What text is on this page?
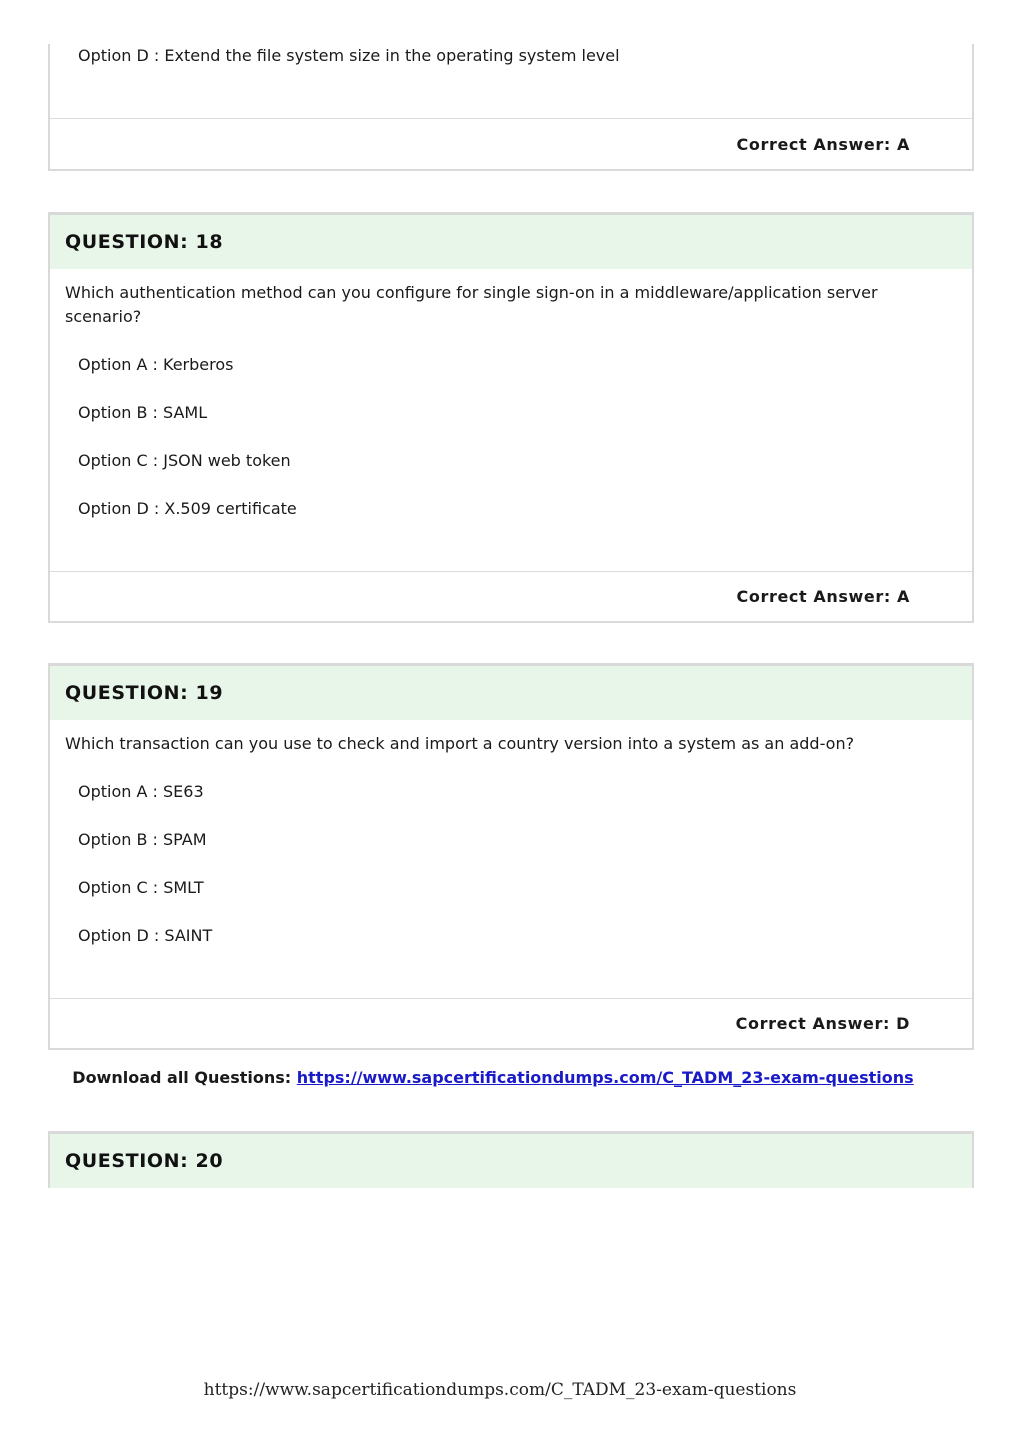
Option D : Extend the file system size in the operating system level
Correct Answer: A
QUESTION: 18
Which authentication method can you configure for single sign-on in a middleware/application server scenario?
Option A : Kerberos
Option B : SAML
Option C : JSON web token
Option D : X.509 certificate
Correct Answer: A
QUESTION: 19
Which transaction can you use to check and import a country version into a system as an add-on?
Option A : SE63
Option B : SPAM
Option C : SMLT
Option D : SAINT
Correct Answer: D
Download all Questions: https://www.sapcertificationdumps.com/C_TADM_23-exam-questions
QUESTION: 20
https://www.sapcertificationdumps.com/C_TADM_23-exam-questions
